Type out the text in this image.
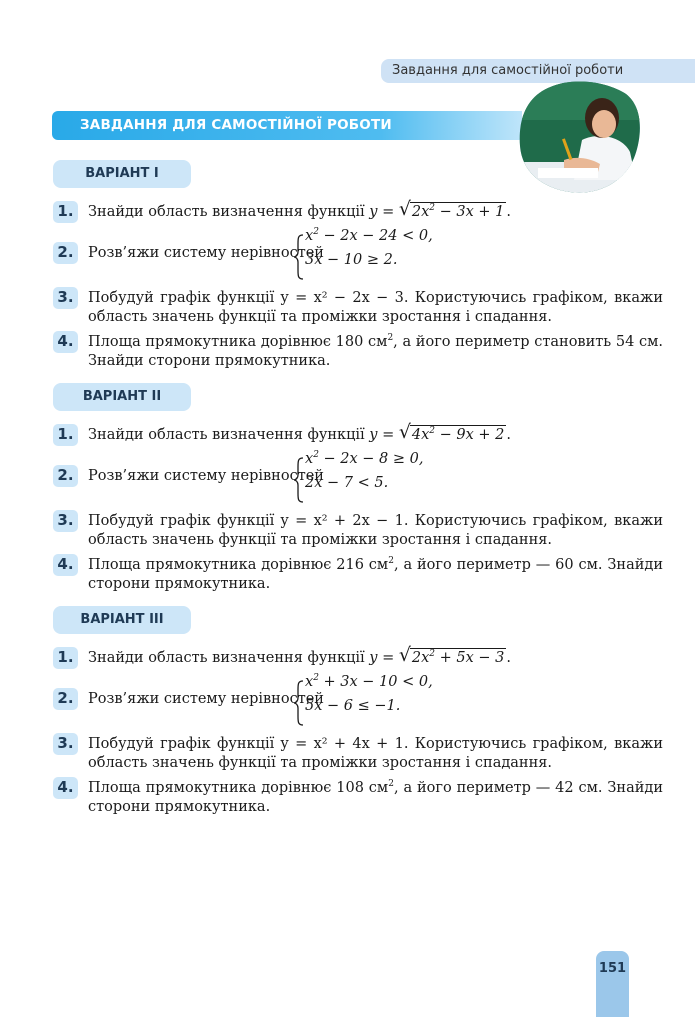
Завдання для самостійної роботи
ЗАВДАННЯ ДЛЯ САМОСТІЙНОЇ РОБОТИ
ВАРІАНТ І
1. Знайди область визначення функції y = √ $2x^2 - 3x + 1$ .
2. Розв’яжи систему нерівностей
$x^2 - 2x - 24 < 0$,
3x − 10 ≥ 2.
3. Побудуй графік функції y = x² − 2x − 3. Користуючись графіком, вкажи область значень функції та проміжки зростання і спадання.
4. Площа прямокутника дорівнює 180 $см^2$, а його периметр становить 54 см. Знайди сторони прямокутника.
ВАРІАНТ ІІ
1. Знайди область визначення функції y = √ $4x^2 - 9x + 2$ .
2. Розв’яжи систему нерівностей
$x^2 - 2x - 8 \ge 0$,
2x − 7 < 5.
3. Побудуй графік функції y = x² + 2x − 1. Користуючись графіком, вкажи область значень функції та проміжки зростання і спадання.
4. Площа прямокутника дорівнює 216 $см^2$, а його периметр — 60 см. Знайди сторони прямокутника.
ВАРІАНТ ІІІ
1. Знайди область визначення функції y = √ $2x^2 + 5x - 3$ .
2. Розв’яжи систему нерівностей
$x^2 + 3x - 10 < 0$,
5x − 6 ≤ −1.
3. Побудуй графік функції y = x² + 4x + 1. Користуючись графіком, вкажи область значень функції та проміжки зростання і спадання.
4. Площа прямокутника дорівнює 108 $см^2$, а його периметр — 42 см. Знайди сторони прямокутника.
151
